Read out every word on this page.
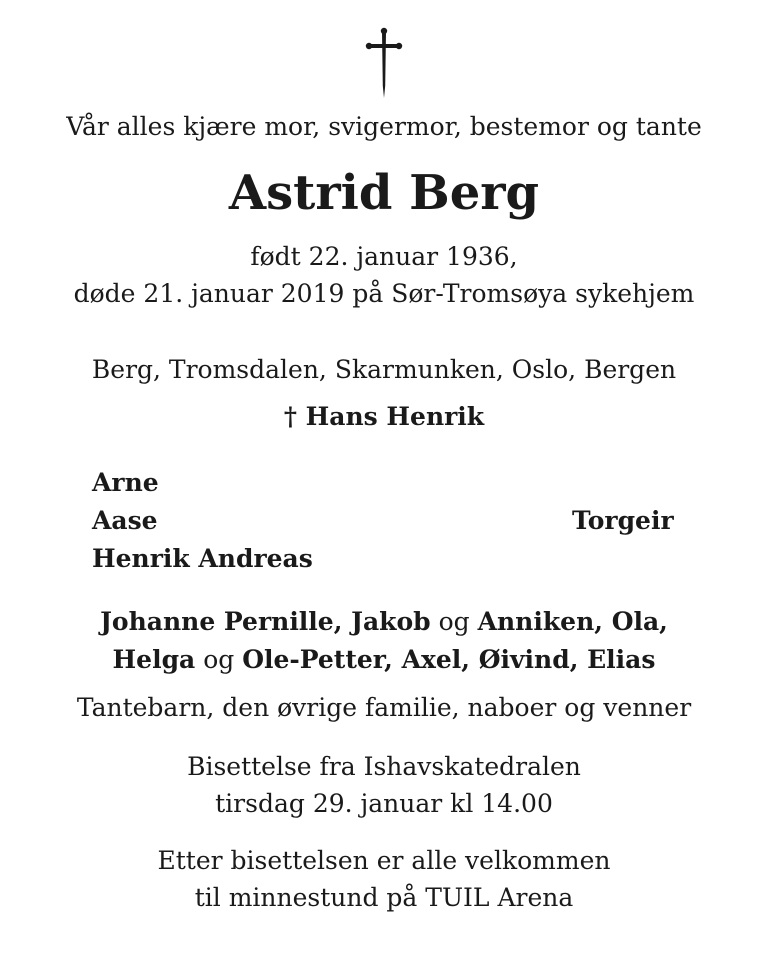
Vår alles kjære mor, svigermor, bestemor og tante
Astrid Berg
født 22. januar 1936,
døde 21. januar 2019 på Sør-Tromsøya sykehjem
Berg, Tromsdalen, Skarmunken, Oslo, Bergen
† Hans Henrik
Arne
Aase
Henrik Andreas
Torgeir
Johanne Pernille, Jakob og Anniken, Ola,
Helga og Ole-Petter, Axel, Øivind, Elias
Tantebarn, den øvrige familie, naboer og venner
Bisettelse fra Ishavskatedralen
tirsdag 29. januar kl 14.00
Etter bisettelsen er alle velkommen
til minnestund på TUIL Arena
